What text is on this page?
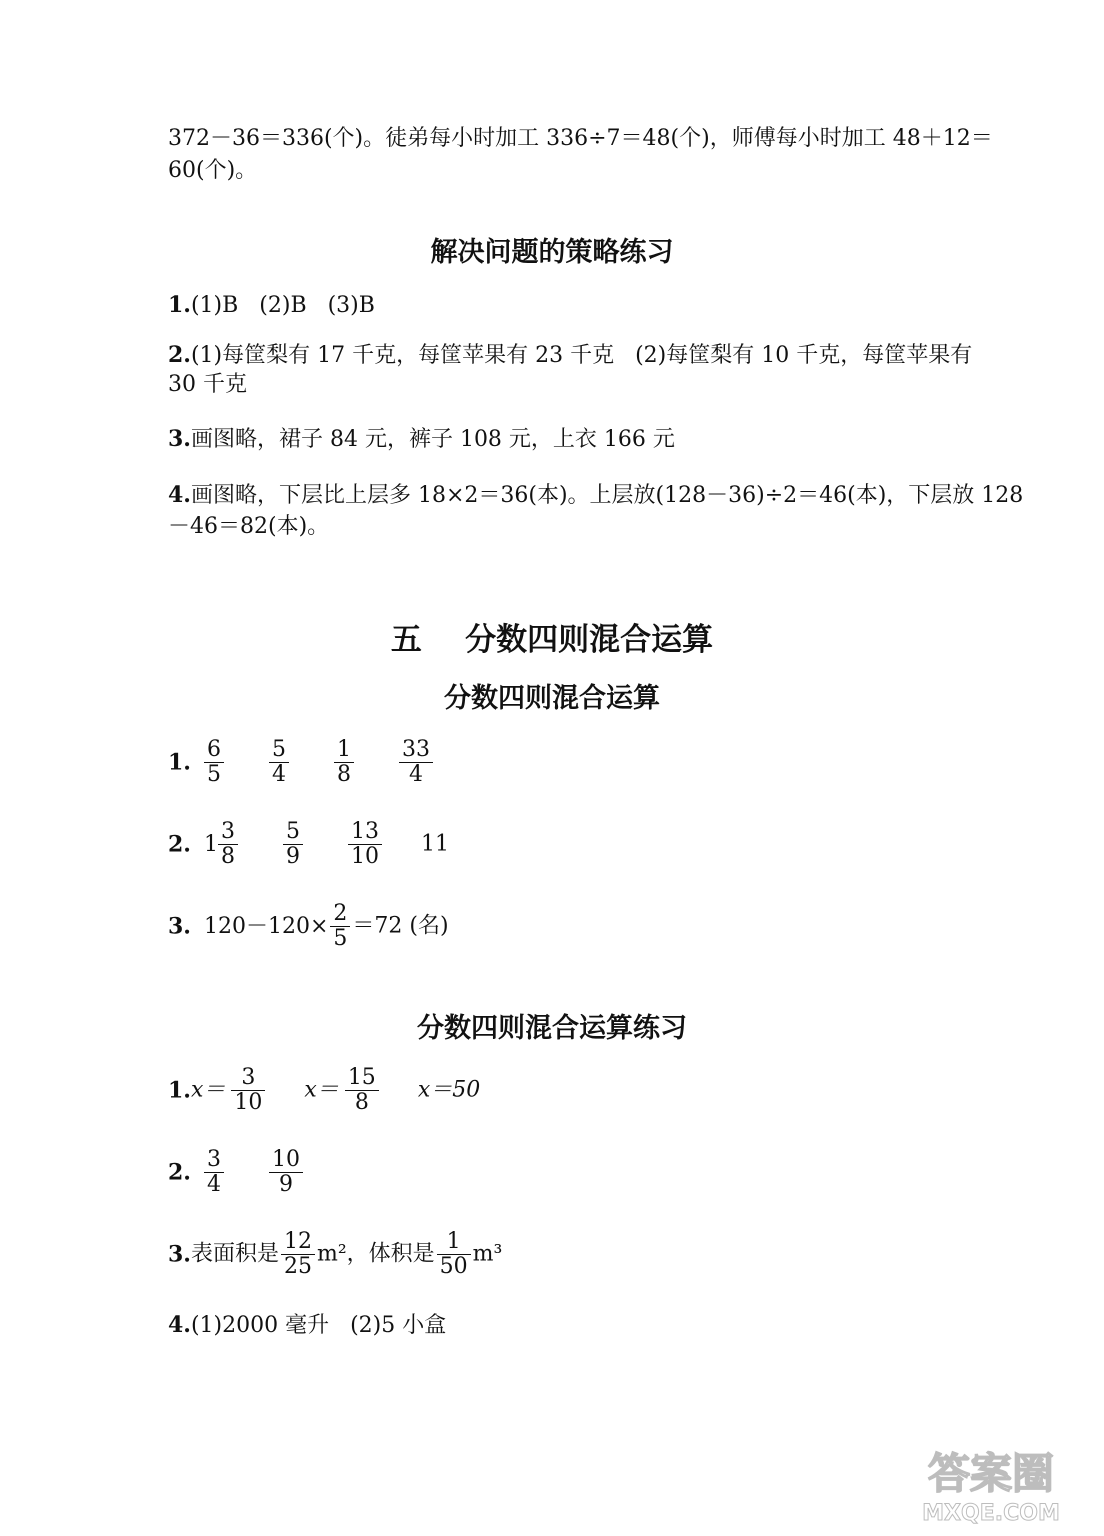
372－36＝336(个)。徒弟每小时加工 336÷7＝48(个)，师傅每小时加工 48＋12＝
60(个)。
解决问题的策略练习
1.(1)B   (2)B   (3)B
2.(1)每筐梨有 17 千克，每筐苹果有 23 千克   (2)每筐梨有 10 千克，每筐苹果有
30 千克
3.画图略，裙子 84 元，裤子 108 元，上衣 166 元
4.画图略，下层比上层多 18×2＝36(本)。上层放(128－36)÷2＝46(本)，下层放 128
－46＝82(本)。
五    分数四则混合运算
分数四则混合运算
1. $\frac{6}{5}$
$\frac{5}{4}$
$\frac{1}{8}$
$\frac{33}{4}$
2. $1 \frac{3}{8}$
$\frac{5}{9}$
$\frac{13}{10} 11$
3. $120-120\times \frac{2}{5} =72$ (名)
分数四则混合运算练习
$1.x= \frac{3}{10} x= \frac{15}{8} x=50$
2. $\frac{3}{4}$
$\frac{10}{9}$
3.表面积是 $\frac{12}{25} m^2$，体积是 $\frac{1}{50} m^3$
4.(1)2000 毫升   (2)5 小盒
答案圈
MXQE.COM
